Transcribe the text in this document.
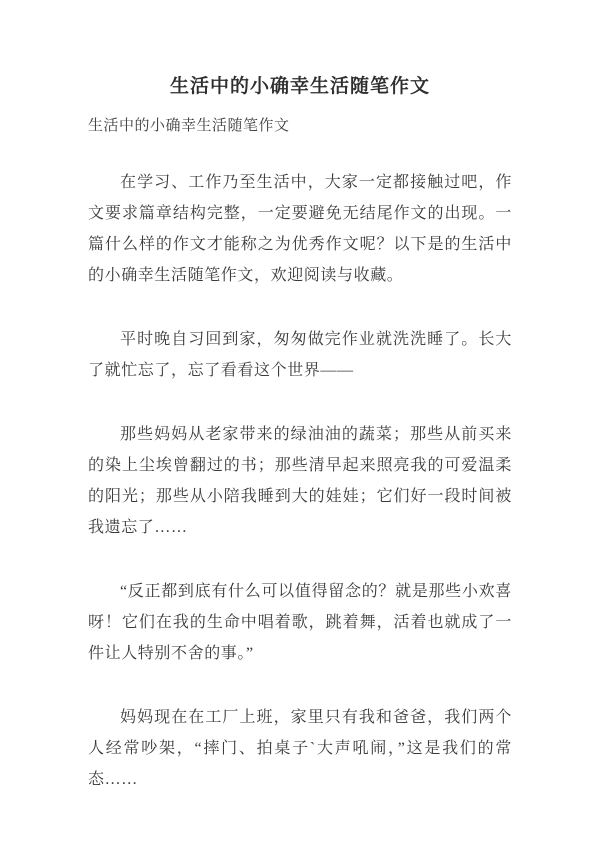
生活中的小确幸生活随笔作文

生活中的小确幸生活随笔作文

在学习、工作乃至生活中，大家一定都接触过吧，作文要求篇章结构完整，一定要避免无结尾作文的出现。一篇什么样的作文才能称之为优秀作文呢？以下是的生活中的小确幸生活随笔作文，欢迎阅读与收藏。

平时晚自习回到家，匆匆做完作业就洗洗睡了。长大了就忙忘了，忘了看看这个世界——

那些妈妈从老家带来的绿油油的蔬菜；那些从前买来的染上尘埃曾翻过的书；那些清早起来照亮我的可爱温柔的阳光；那些从小陪我睡到大的娃娃；它们好一段时间被我遗忘了……

“反正都到底有什么可以值得留念的？就是那些小欢喜呀！它们在我的生命中唱着歌，跳着舞，活着也就成了一件让人特别不舍的事。”

妈妈现在在工厂上班，家里只有我和爸爸，我们两个人经常吵架，“摔门、拍桌子`大声吼闹，”这是我们的常态……
